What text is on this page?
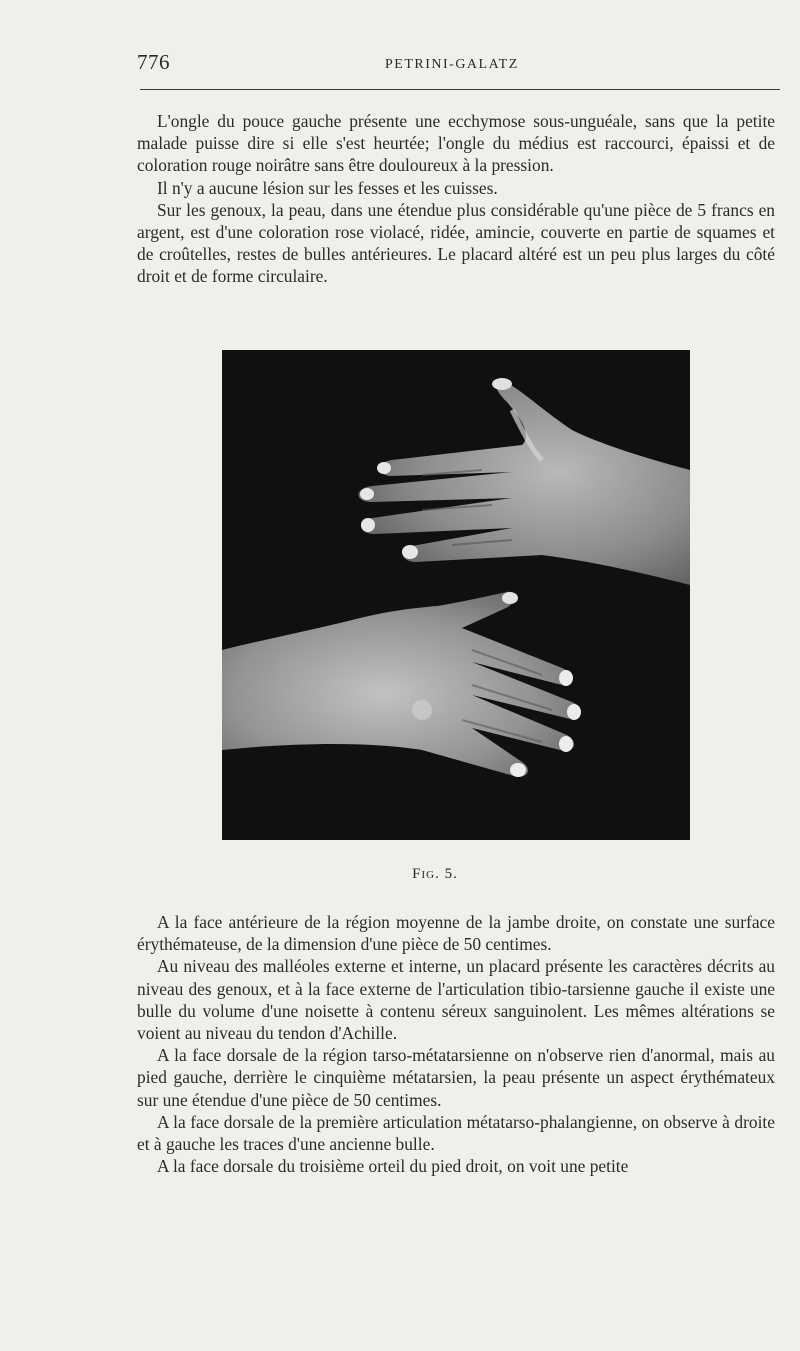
776	PETRINI-GALATZ

L'ongle du pouce gauche présente une ecchymose sous-unguéale, sans que la petite malade puisse dire si elle s'est heurtée; l'ongle du médius est raccourci, épaissi et de coloration rouge noirâtre sans être douloureux à la pression.

Il n'y a aucune lésion sur les fesses et les cuisses.

Sur les genoux, la peau, dans une étendue plus considérable qu'une pièce de 5 francs en argent, est d'une coloration rose violacé, ridée, amincie, couverte en partie de squames et de croûtelles, restes de bulles antérieures. Le placard altéré est un peu plus larges du côté droit et de forme circulaire.

Fig. 5.

A la face antérieure de la région moyenne de la jambe droite, on constate une surface érythémateuse, de la dimension d'une pièce de 50 centimes.

Au niveau des malléoles externe et interne, un placard présente les caractères décrits au niveau des genoux, et à la face externe de l'articulation tibio-tarsienne gauche il existe une bulle du volume d'une noisette à contenu séreux sanguinolent. Les mêmes altérations se voient au niveau du tendon d'Achille.

A la face dorsale de la région tarso-métatarsienne on n'observe rien d'anormal, mais au pied gauche, derrière le cinquième métatarsien, la peau présente un aspect érythémateux sur une étendue d'une pièce de 50 centimes.

A la face dorsale de la première articulation métatarso-phalangienne, on observe à droite et à gauche les traces d'une ancienne bulle.

A la face dorsale du troisième orteil du pied droit, on voit une petite
